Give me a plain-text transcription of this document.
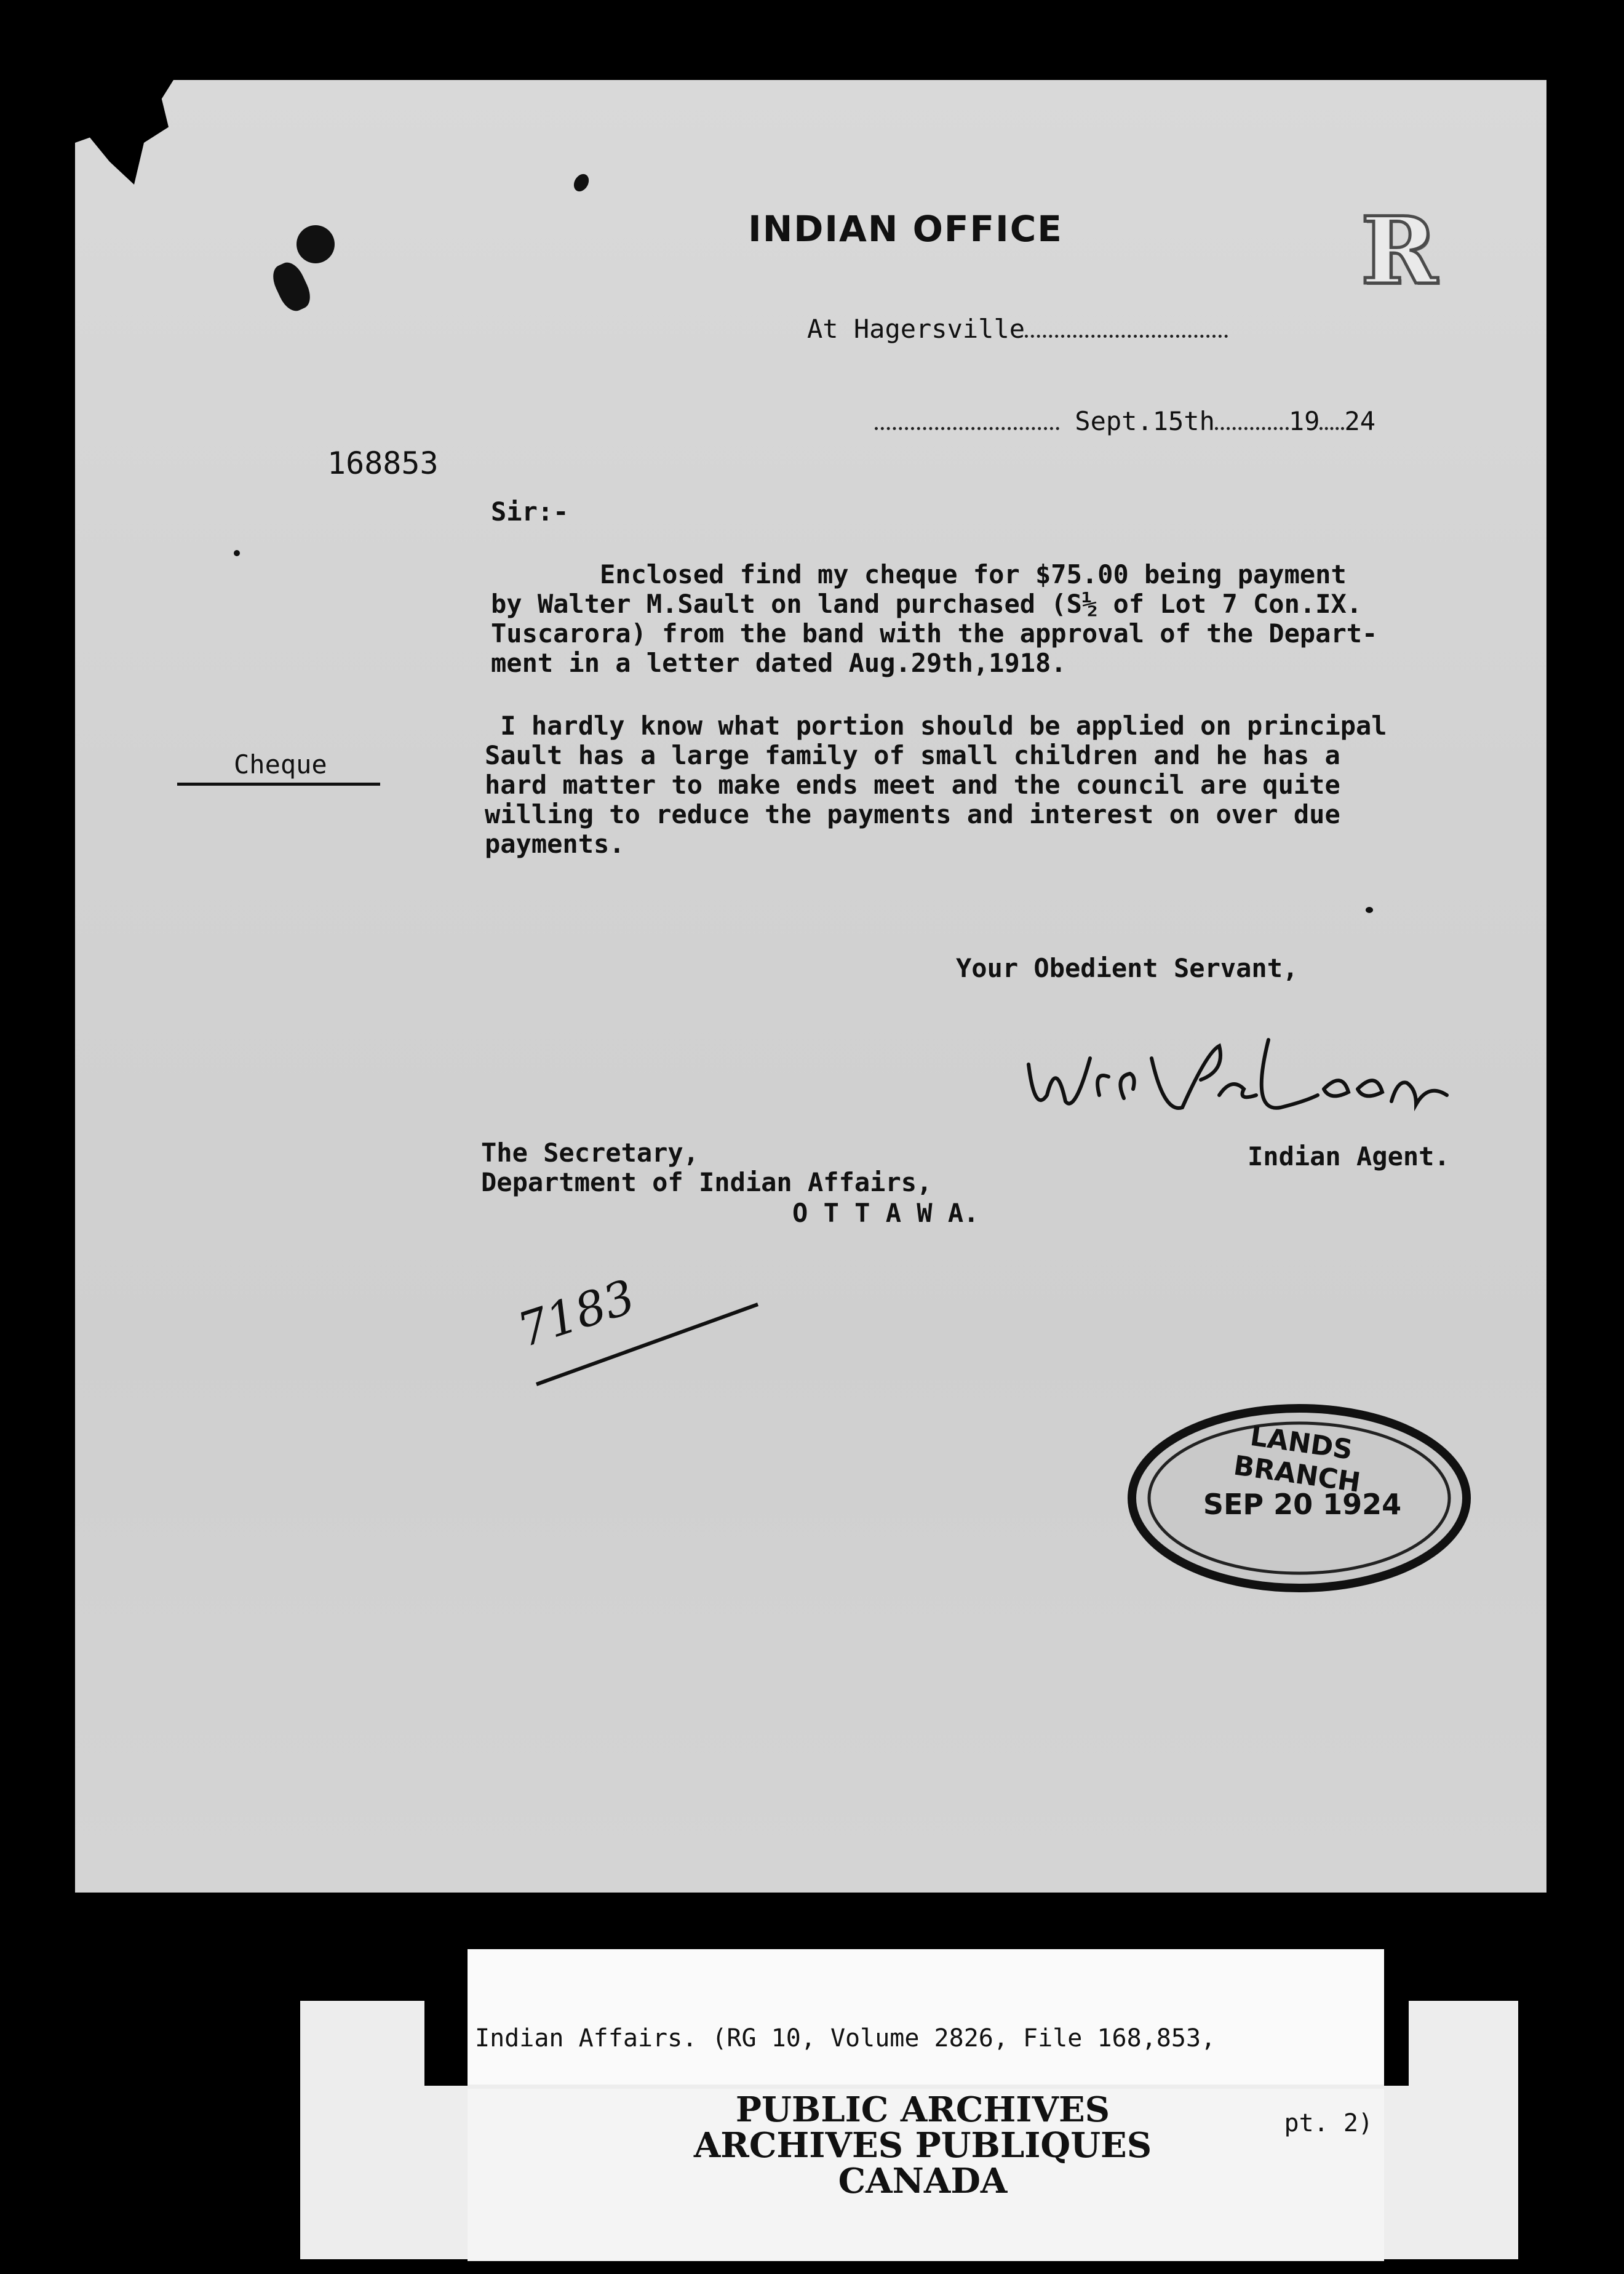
INDIAN OFFICE	R
At Hagersville
Sept.15th	19 24
168853
Sir:-
Enclosed find my cheque for $75.00 being payment
by Walter M.Sault on land purchased (S½ of Lot 7 Con.IX.
Tuscarora) from the band with the approval of the Depart-
ment in a letter dated Aug.29th,1918.
I hardly know what portion should be applied on principal
Sault has a large family of small children and he has a
hard matter to make ends meet and the council are quite
willing to reduce the payments and interest on over due
payments.
Cheque
Your Obedient Servant,
Indian Agent.
The Secretary,
Department of Indian Affairs,
O T T A W A.
7183
LANDS BRANCH
SEP 20 1924

Indian Affairs. (RG 10, Volume 2826, File 168,853,

pt. 2)

PUBLIC ARCHIVES
ARCHIVES PUBLIQUES
CANADA
